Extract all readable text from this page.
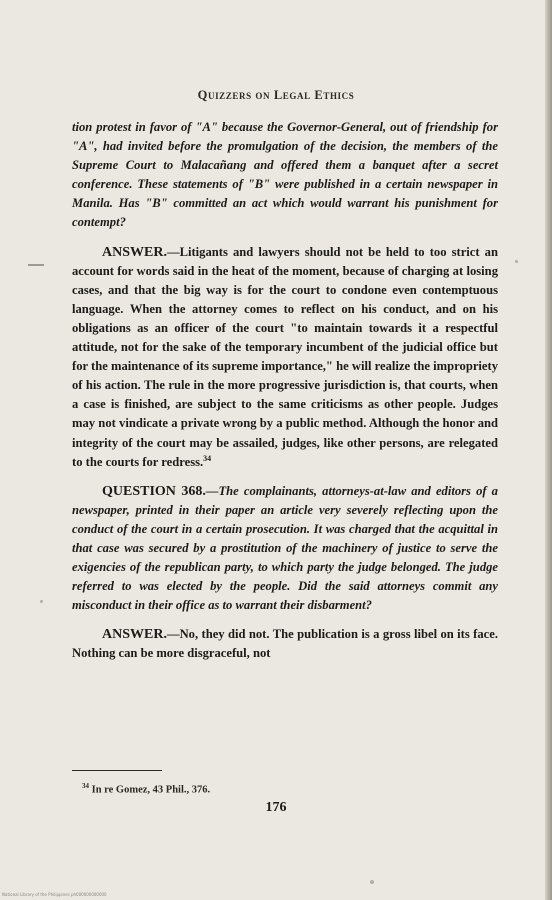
Quizzers on Legal Ethics

tion protest in favor of "A" because the Governor-General, out of friendship for "A", had invited before the promulgation of the decision, the members of the Supreme Court to Malacañang and offered them a banquet after a secret conference. These statements of "B" were published in a certain newspaper in Manila. Has "B" committed an act which would warrant his punishment for contempt?

ANSWER.—Litigants and lawyers should not be held to too strict an account for words said in the heat of the moment, because of charging at losing cases, and that the big way is for the court to condone even contemptuous language. When the attorney comes to reflect on his conduct, and on his obligations as an officer of the court "to maintain towards it a respectful attitude, not for the sake of the temporary incumbent of the judicial office but for the maintenance of its supreme importance," he will realize the impropriety of his action. The rule in the more progressive jurisdiction is, that courts, when a case is finished, are subject to the same criticisms as other people. Judges may not vindicate a private wrong by a public method. Although the honor and integrity of the court may be assailed, judges, like other persons, are relegated to the courts for redress.$^{34}$

QUESTION 368.—The complainants, attorneys-at-law and editors of a newspaper, printed in their paper an article very severely reflecting upon the conduct of the court in a certain prosecution. It was charged that the acquittal in that case was secured by a prostitution of the machinery of justice to serve the exigencies of the republican party, to which party the judge belonged. The judge referred to was elected by the people. Did the said attorneys commit any misconduct in their office as to warrant their disbarment?

ANSWER.—No, they did not. The publication is a gross libel on its face. Nothing can be more disgraceful, not

$^{34}$ In re Gomez, 43 Phil., 376.
176
National Library of the Philippines ph000000000000
